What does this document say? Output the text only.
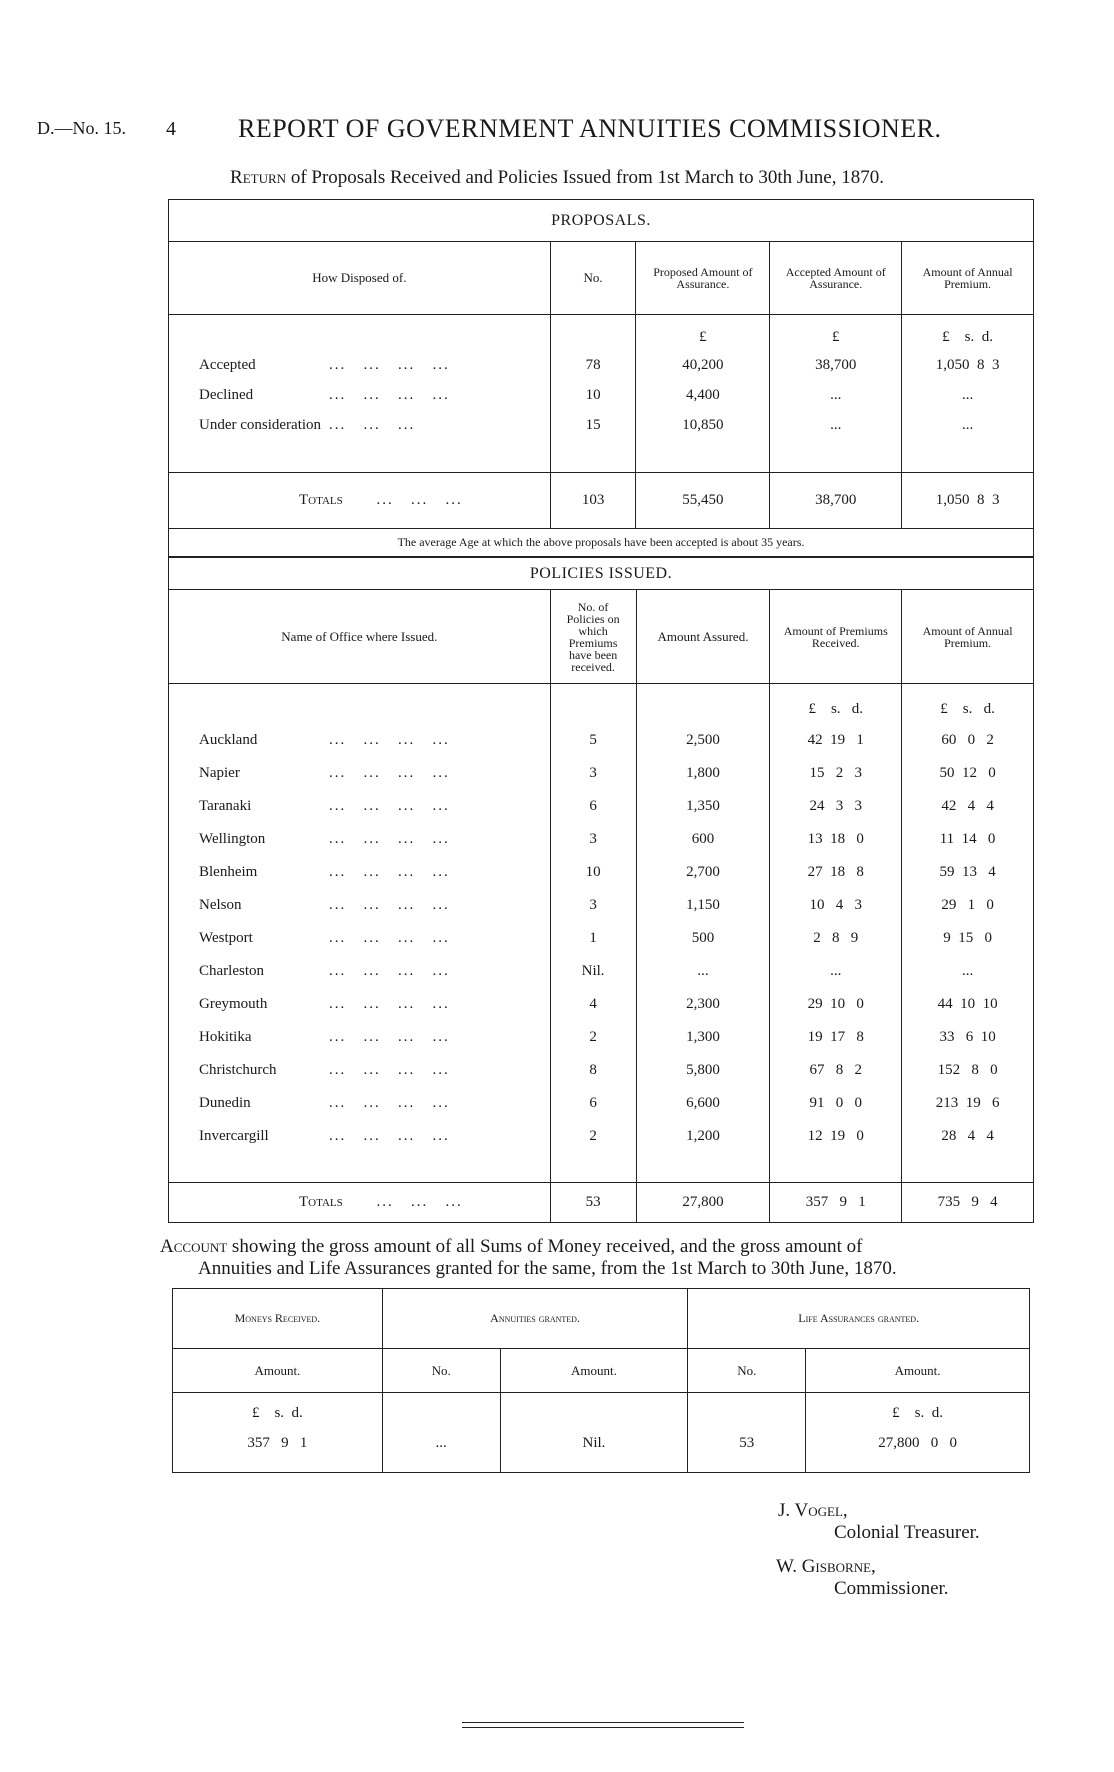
D.—No. 15. 4 REPORT OF GOVERNMENT ANNUITIES COMMISSIONER.
Return of Proposals Received and Policies Issued from 1st March to 30th June, 1870.
PROPOSALS.				
How Disposed of.	No.	Proposed Amount of Assurance.	Accepted Amount of Assurance.	Amount of Annual Premium.
		£	£	£    s.  d.
Accepted ...   ...   ...   ...	78	40,200	38,700	1,050  8  3
Declined ...   ...   ...   ...	10	4,400	...	...
Under consideration ...   ...   ...	15	10,850	...	...

Totals ...   ...   ...	103	55,450	38,700	1,050  8  3
The average Age at which the above proposals have been accepted is about 35 years.				
POLICIES ISSUED.				
Name of Office where Issued.	No. of Policies on which Premiums have been received.	Amount Assured.	Amount of Premiums Received.	Amount of Annual Premium.
			£    s.   d.	£    s.   d.
Auckland ...   ...   ...   ...	5	2,500	42  19   1	60   0   2
Napier ...   ...   ...   ...	3	1,800	15   2   3	50  12   0
Taranaki ...   ...   ...   ...	6	1,350	24   3   3	42   4   4
Wellington ...   ...   ...   ...	3	600	13  18   0	11  14   0
Blenheim ...   ...   ...   ...	10	2,700	27  18   8	59  13   4
Nelson ...   ...   ...   ...	3	1,150	10   4   3	29   1   0
Westport ...   ...   ...   ...	1	500	2   8   9	9  15   0
Charleston ...   ...   ...   ...	Nil.	...	...	...
Greymouth ...   ...   ...   ...	4	2,300	29  10   0	44  10  10
Hokitika ...   ...   ...   ...	2	1,300	19  17   8	33   6  10
Christchurch ...   ...   ...   ...	8	5,800	67   8   2	152   8   0
Dunedin ...   ...   ...   ...	6	6,600	91   0   0	213  19   6
Invercargill ...   ...   ...   ...	2	1,200	12  19   0	28   4   4

Totals ...   ...   ...	53	27,800	357   9   1	735   9   4
Account showing the gross amount of all Sums of Money received, and the gross amount of
Annuities and Life Assurances granted for the same, from the 1st March to 30th June, 1870.
Moneys Received.	Annuities granted.		Life Assurances granted.	
Amount.	No.	Amount.	No.	Amount.
£    s.  d.				£    s.  d.
357   9   1	...	Nil.	53	27,800   0   0
J. Vogel,
Colonial Treasurer.
W. Gisborne,
Commissioner.
